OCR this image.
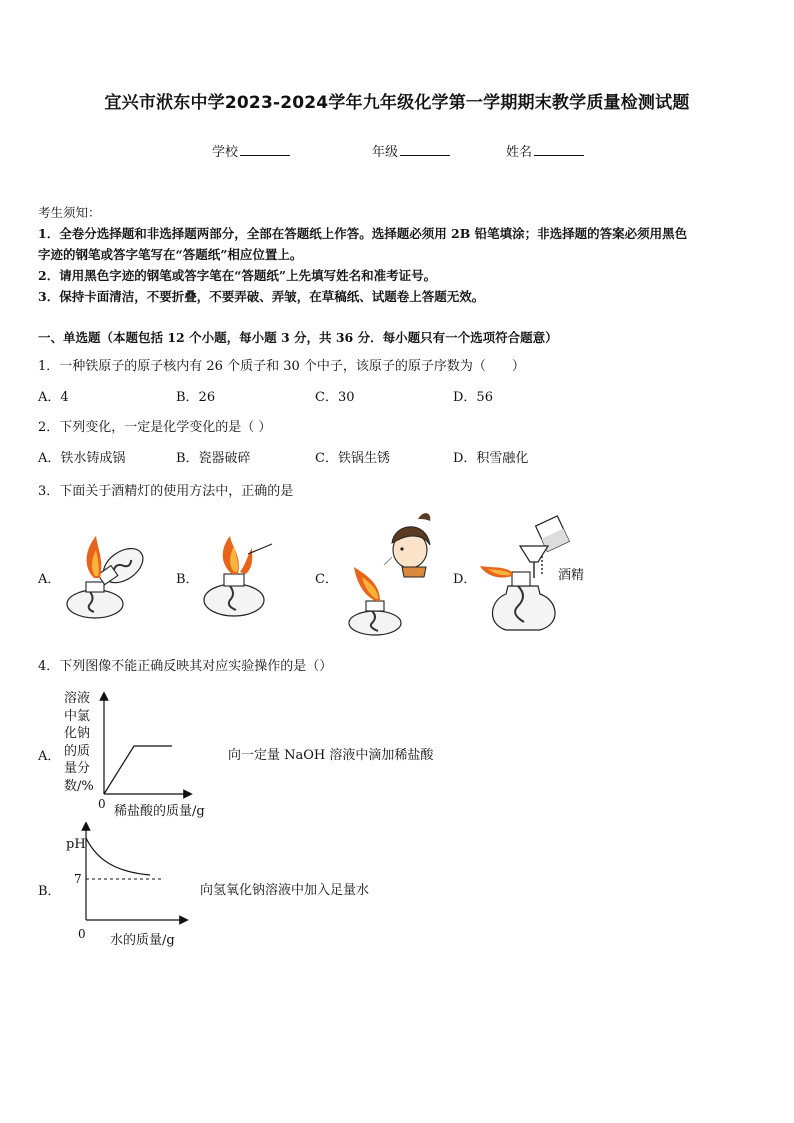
宜兴市洑东中学2023-2024学年九年级化学第一学期期末教学质量检测试题
学校	年级	姓名
考生须知：
1．全卷分选择题和非选择题两部分，全部在答题纸上作答。选择题必须用 2B 铅笔填涂；非选择题的答案必须用黑色
字迹的钢笔或答字笔写在“答题纸”相应位置上。
2．请用黑色字迹的钢笔或答字笔在“答题纸”上先填写姓名和准考证号。
3．保持卡面清洁，不要折叠，不要弄破、弄皱，在草稿纸、试题卷上答题无效。
一、单选题（本题包括 12 个小题，每小题 3 分，共 36 分．每小题只有一个选项符合题意）
1．一种铁原子的原子核内有 26 个质子和 30 个中子，该原子的原子序数为（　　）
A．4	B．26	C．30	D．56
2．下列变化，一定是化学变化的是（ ）
A．铁水铸成锅	B．瓷器破碎	C．铁锅生锈	D．积雪融化
3．下面关于酒精灯的使用方法中，正确的是
A．	B．	C．	D．	酒精
4．下列图像不能正确反映其对应实验操作的是（）
A．
溶液
中氯
化钠
的质
量分
数/%
0 稀盐酸的质量/g
向一定量 NaOH 溶液中滴加稀盐酸
B．
pH
7
0 水的质量/g
向氢氧化钠溶液中加入足量水
